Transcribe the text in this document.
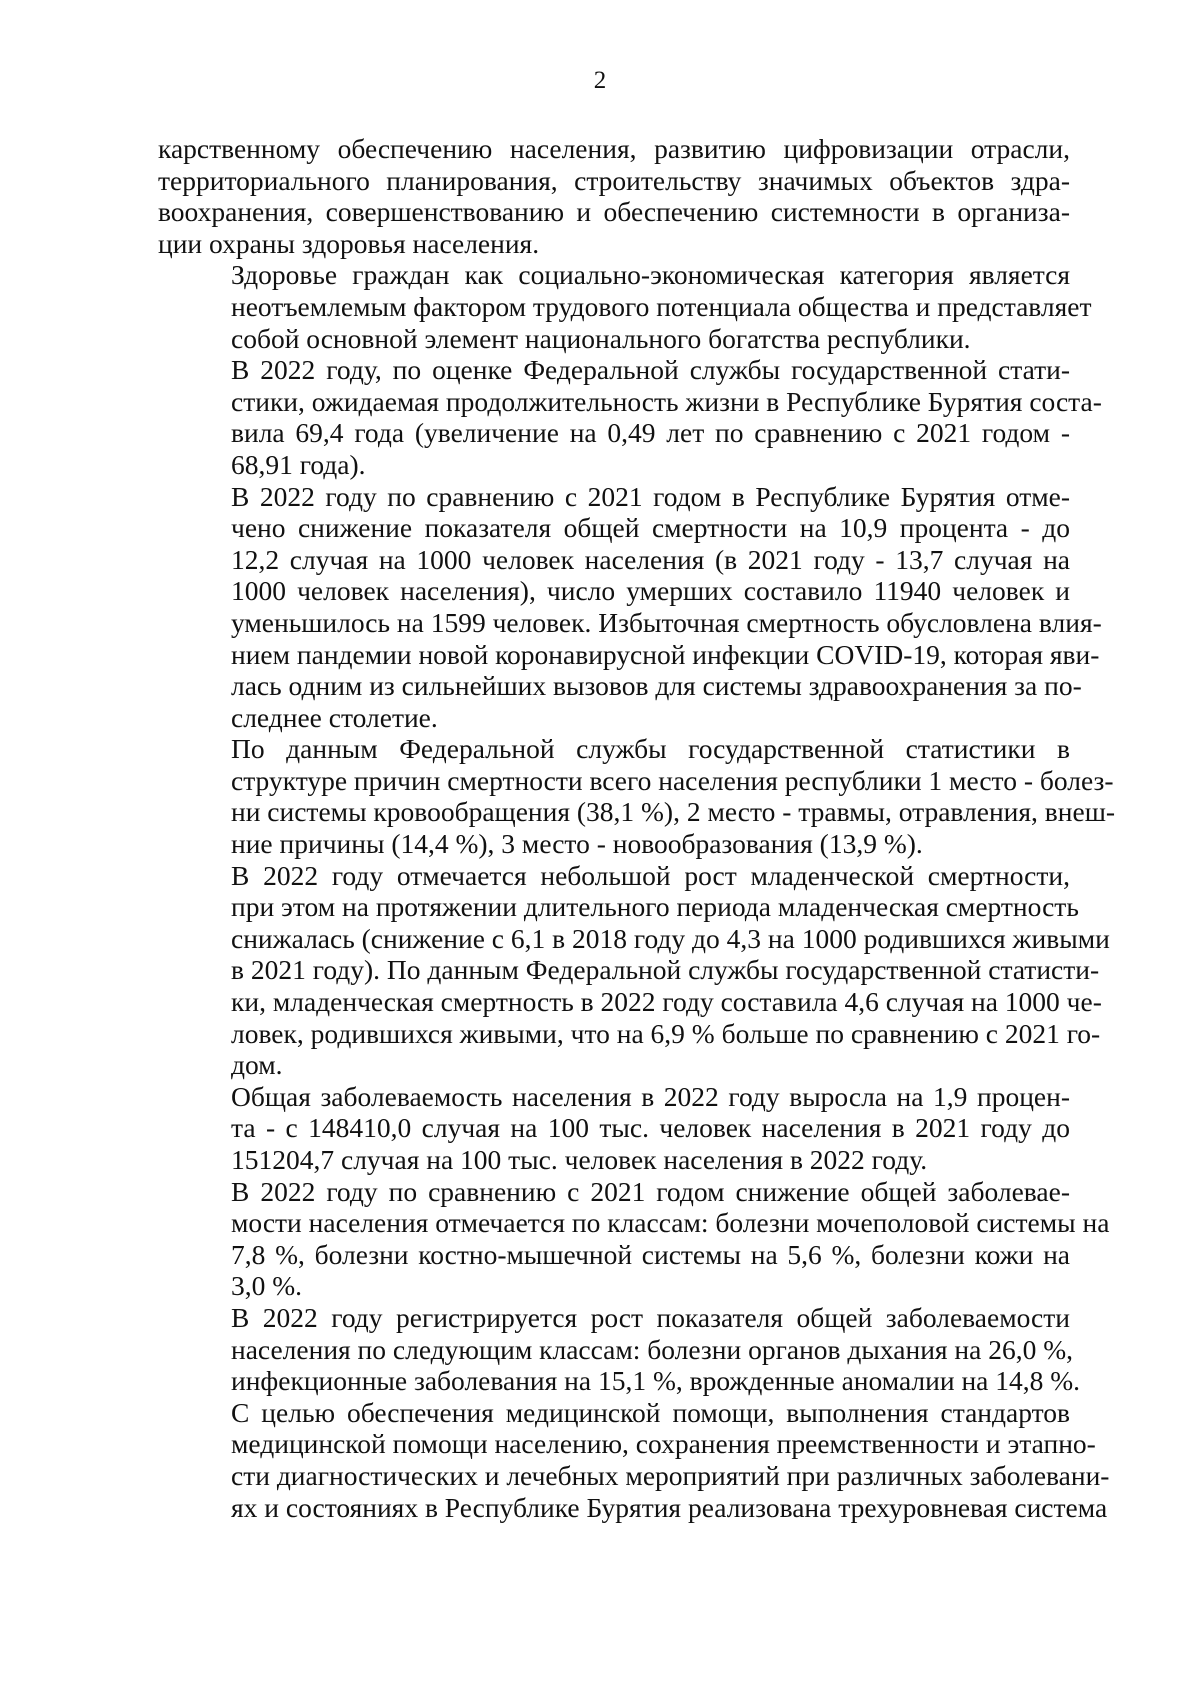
2

карственному обеспечению населения, развитию цифровизации отрасли,
территориального планирования, строительству значимых объектов здра-
воохранения, совершенствованию и обеспечению системности в организа-
ции охраны здоровья населения.

Здоровье граждан как социально-экономическая категория является
неотъемлемым фактором трудового потенциала общества и представляет
собой основной элемент национального богатства республики.

В 2022 году, по оценке Федеральной службы государственной стати-
стики, ожидаемая продолжительность жизни в Республике Бурятия соста-
вила 69,4 года (увеличение на 0,49 лет по сравнению с 2021 годом -
68,91 года).

В 2022 году по сравнению с 2021 годом в Республике Бурятия отме-
чено снижение показателя общей смертности на 10,9 процента - до
12,2 случая на 1000 человек населения (в 2021 году - 13,7 случая на
1000 человек населения), число умерших составило 11940 человек и
уменьшилось на 1599 человек. Избыточная смертность обусловлена влия-
нием пандемии новой коронавирусной инфекции COVID-19, которая яви-
лась одним из сильнейших вызовов для системы здравоохранения за по-
следнее столетие.

По данным Федеральной службы государственной статистики в
структуре причин смертности всего населения республики 1 место - болез-
ни системы кровообращения (38,1 %), 2 место - травмы, отравления, внеш-
ние причины (14,4 %), 3 место - новообразования (13,9 %).

В 2022 году отмечается небольшой рост младенческой смертности,
при этом на протяжении длительного периода младенческая смертность
снижалась (снижение с 6,1 в 2018 году до 4,3 на 1000 родившихся живыми
в 2021 году). По данным Федеральной службы государственной статисти-
ки, младенческая смертность в 2022 году составила 4,6 случая на 1000 че-
ловек, родившихся живыми, что на 6,9 % больше по сравнению с 2021 го-
дом.

Общая заболеваемость населения в 2022 году выросла на 1,9 процен-
та - с 148410,0 случая на 100 тыс. человек населения в 2021 году до
151204,7 случая на 100 тыс. человек населения в 2022 году.

В 2022 году по сравнению с 2021 годом снижение общей заболевае-
мости населения отмечается по классам: болезни мочеполовой системы на
7,8 %, болезни костно-мышечной системы на 5,6 %, болезни кожи на
3,0 %.

В 2022 году регистрируется рост показателя общей заболеваемости
населения по следующим классам: болезни органов дыхания на 26,0 %,
инфекционные заболевания на 15,1 %, врожденные аномалии на 14,8 %.

С целью обеспечения медицинской помощи, выполнения стандартов
медицинской помощи населению, сохранения преемственности и этапно-
сти диагностических и лечебных мероприятий при различных заболевани-
ях и состояниях в Республике Бурятия реализована трехуровневая система
